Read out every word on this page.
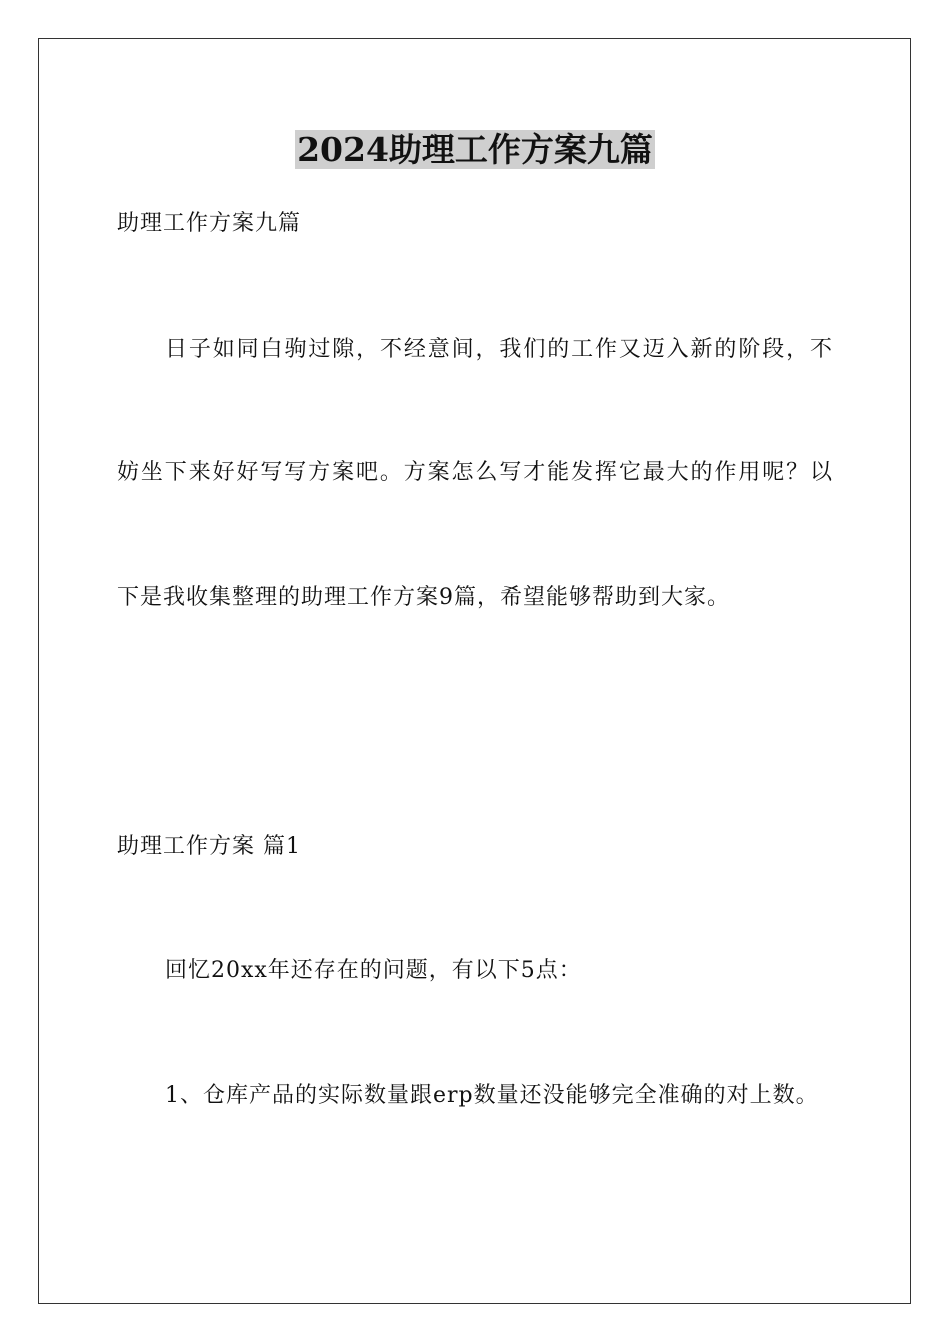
2024助理工作方案九篇
助理工作方案九篇
日子如同白驹过隙，不经意间，我们的工作又迈入新的阶段，不
妨坐下来好好写写方案吧。方案怎么写才能发挥它最大的作用呢？以
下是我收集整理的助理工作方案9篇，希望能够帮助到大家。
助理工作方案 篇1
回忆20xx年还存在的问题，有以下5点：
1、仓库产品的实际数量跟erp数量还没能够完全准确的对上数。
